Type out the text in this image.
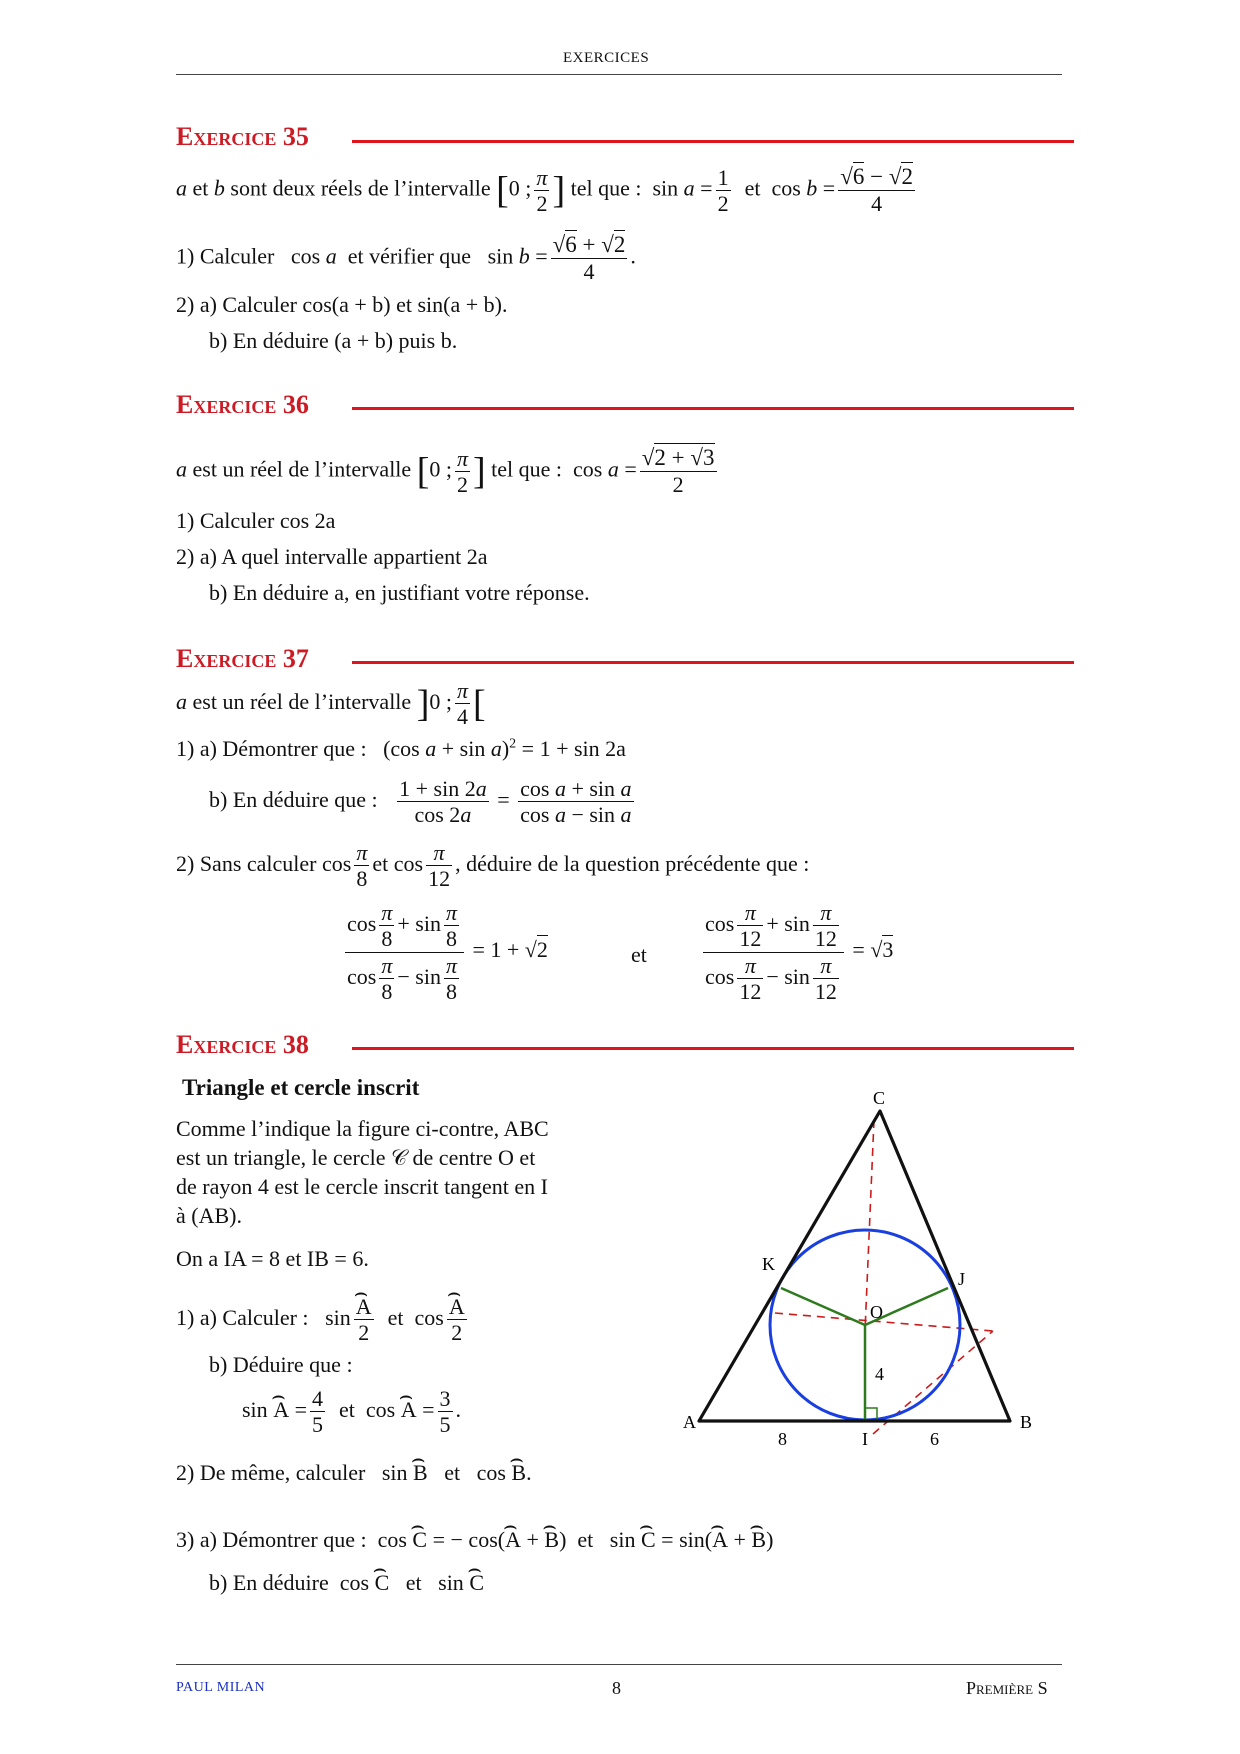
EXERCICES
Exercice 35
a et b sont deux réels de l’intervalle [0 ; $\frac{\pi}{2}$ ] tel que :  $\sin a = \frac{1}{2}$ et  $\cos b = \frac{√6 - √2}{4}$
1) Calculer   cos a et vérifier que   $\sin b = \frac{√6 + √2}{4}$ .
2) a) Calculer cos(a + b) et sin(a + b).
b) En déduire (a + b) puis b.
Exercice 36
a est un réel de l’intervalle [0 ; $\frac{\pi}{2}$ ] tel que :  $\cos a = \frac{√2 + √3}{2}$
1) Calculer cos 2a
2) a) A quel intervalle appartient 2a
b) En déduire a, en justifiant votre réponse.
Exercice 37
a est un réel de l’intervalle ]0 ; $\frac{\pi}{4}$ [
1) a) Démontrer que :   (cos a + sin a)$^2$ = 1 + sin 2a
b) En déduire que : $\frac{1 + \sin 2a}{\cos 2a} = \frac{\text{cos a + sin a}}{\text{cos a − sin a}}$
2) Sans calculer $\cos \frac{\pi}{8}$ et $\cos \frac{\pi}{12}$ , déduire de la question précédente que :
$\frac{\cos \frac{\pi}{8} + \sin \frac{\pi}{8}}{\cos \frac{\pi}{8} - \sin \frac{\pi}{8}} = 1 + √2$	et	$\frac{\cos \frac{\pi}{12} + \sin \frac{\pi}{12}}{\cos \frac{\pi}{12} - \sin \frac{\pi}{12}} = √3$
Exercice 38
Triangle et cercle inscrit
Comme l’indique la figure ci-contre, ABC
est un triangle, le cercle 𝒞 de centre O et
de rayon 4 est le cercle inscrit tangent en I
à (AB).
On a IA = 8 et IB = 6.
1) a) Calculer :   sin ⌢ $\frac{A}{2}$ et  cos ⌢ $\frac{A}{2}$
b) Déduire que :
sin ⌢ $A = \frac{4}{5}$ et  cos ⌢ $A = \frac{3}{5}$ .
2) De même, calculer   sin ⌢ B   et   cos ⌢ B.
3) a) Démontrer que :  cos ⌢ C = − cos(⌢ A + ⌢ B)  et   sin ⌢ C = sin(⌢ A + ⌢ B)
b) En déduire  cos ⌢ C   et   sin ⌢ C
A	B
C
I
J
K
O
8	6
4
PAUL MILAN	8	Première S
